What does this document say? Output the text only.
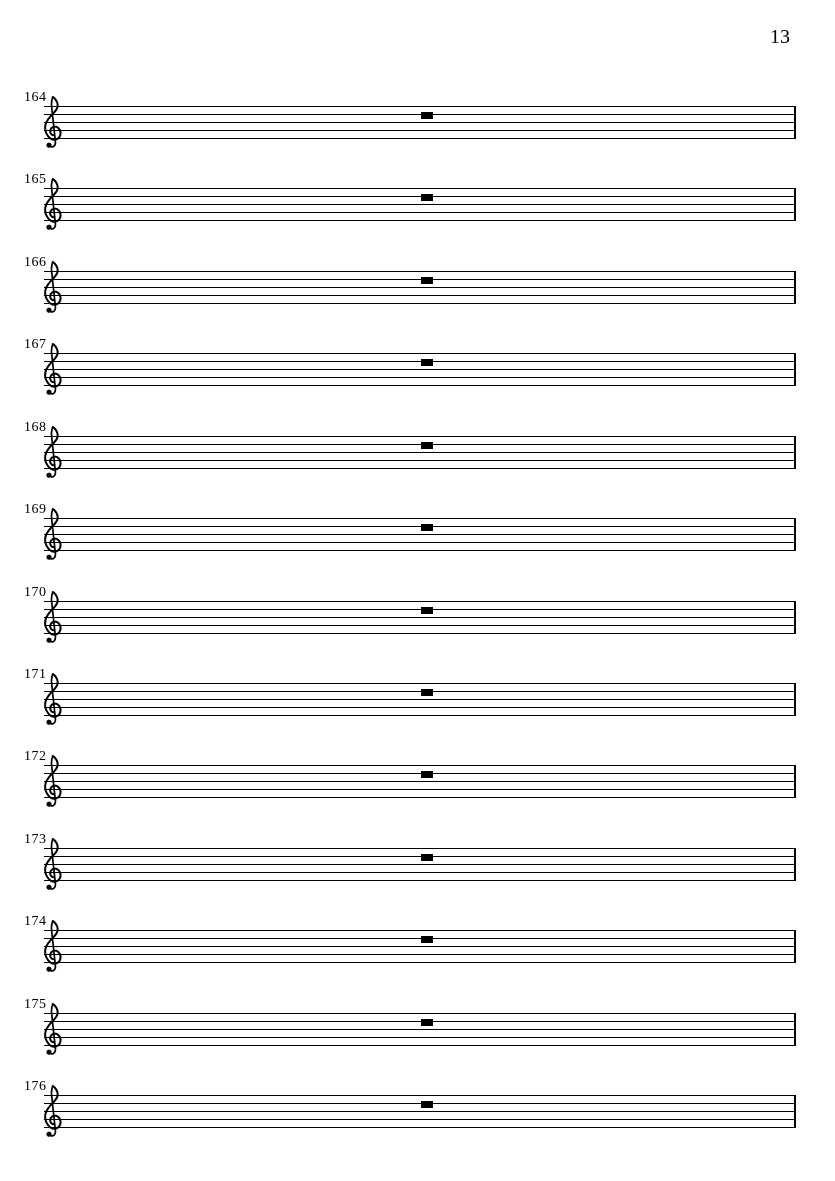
13
164
165
166
167
168
169
170
171
172
173
174
175
176
